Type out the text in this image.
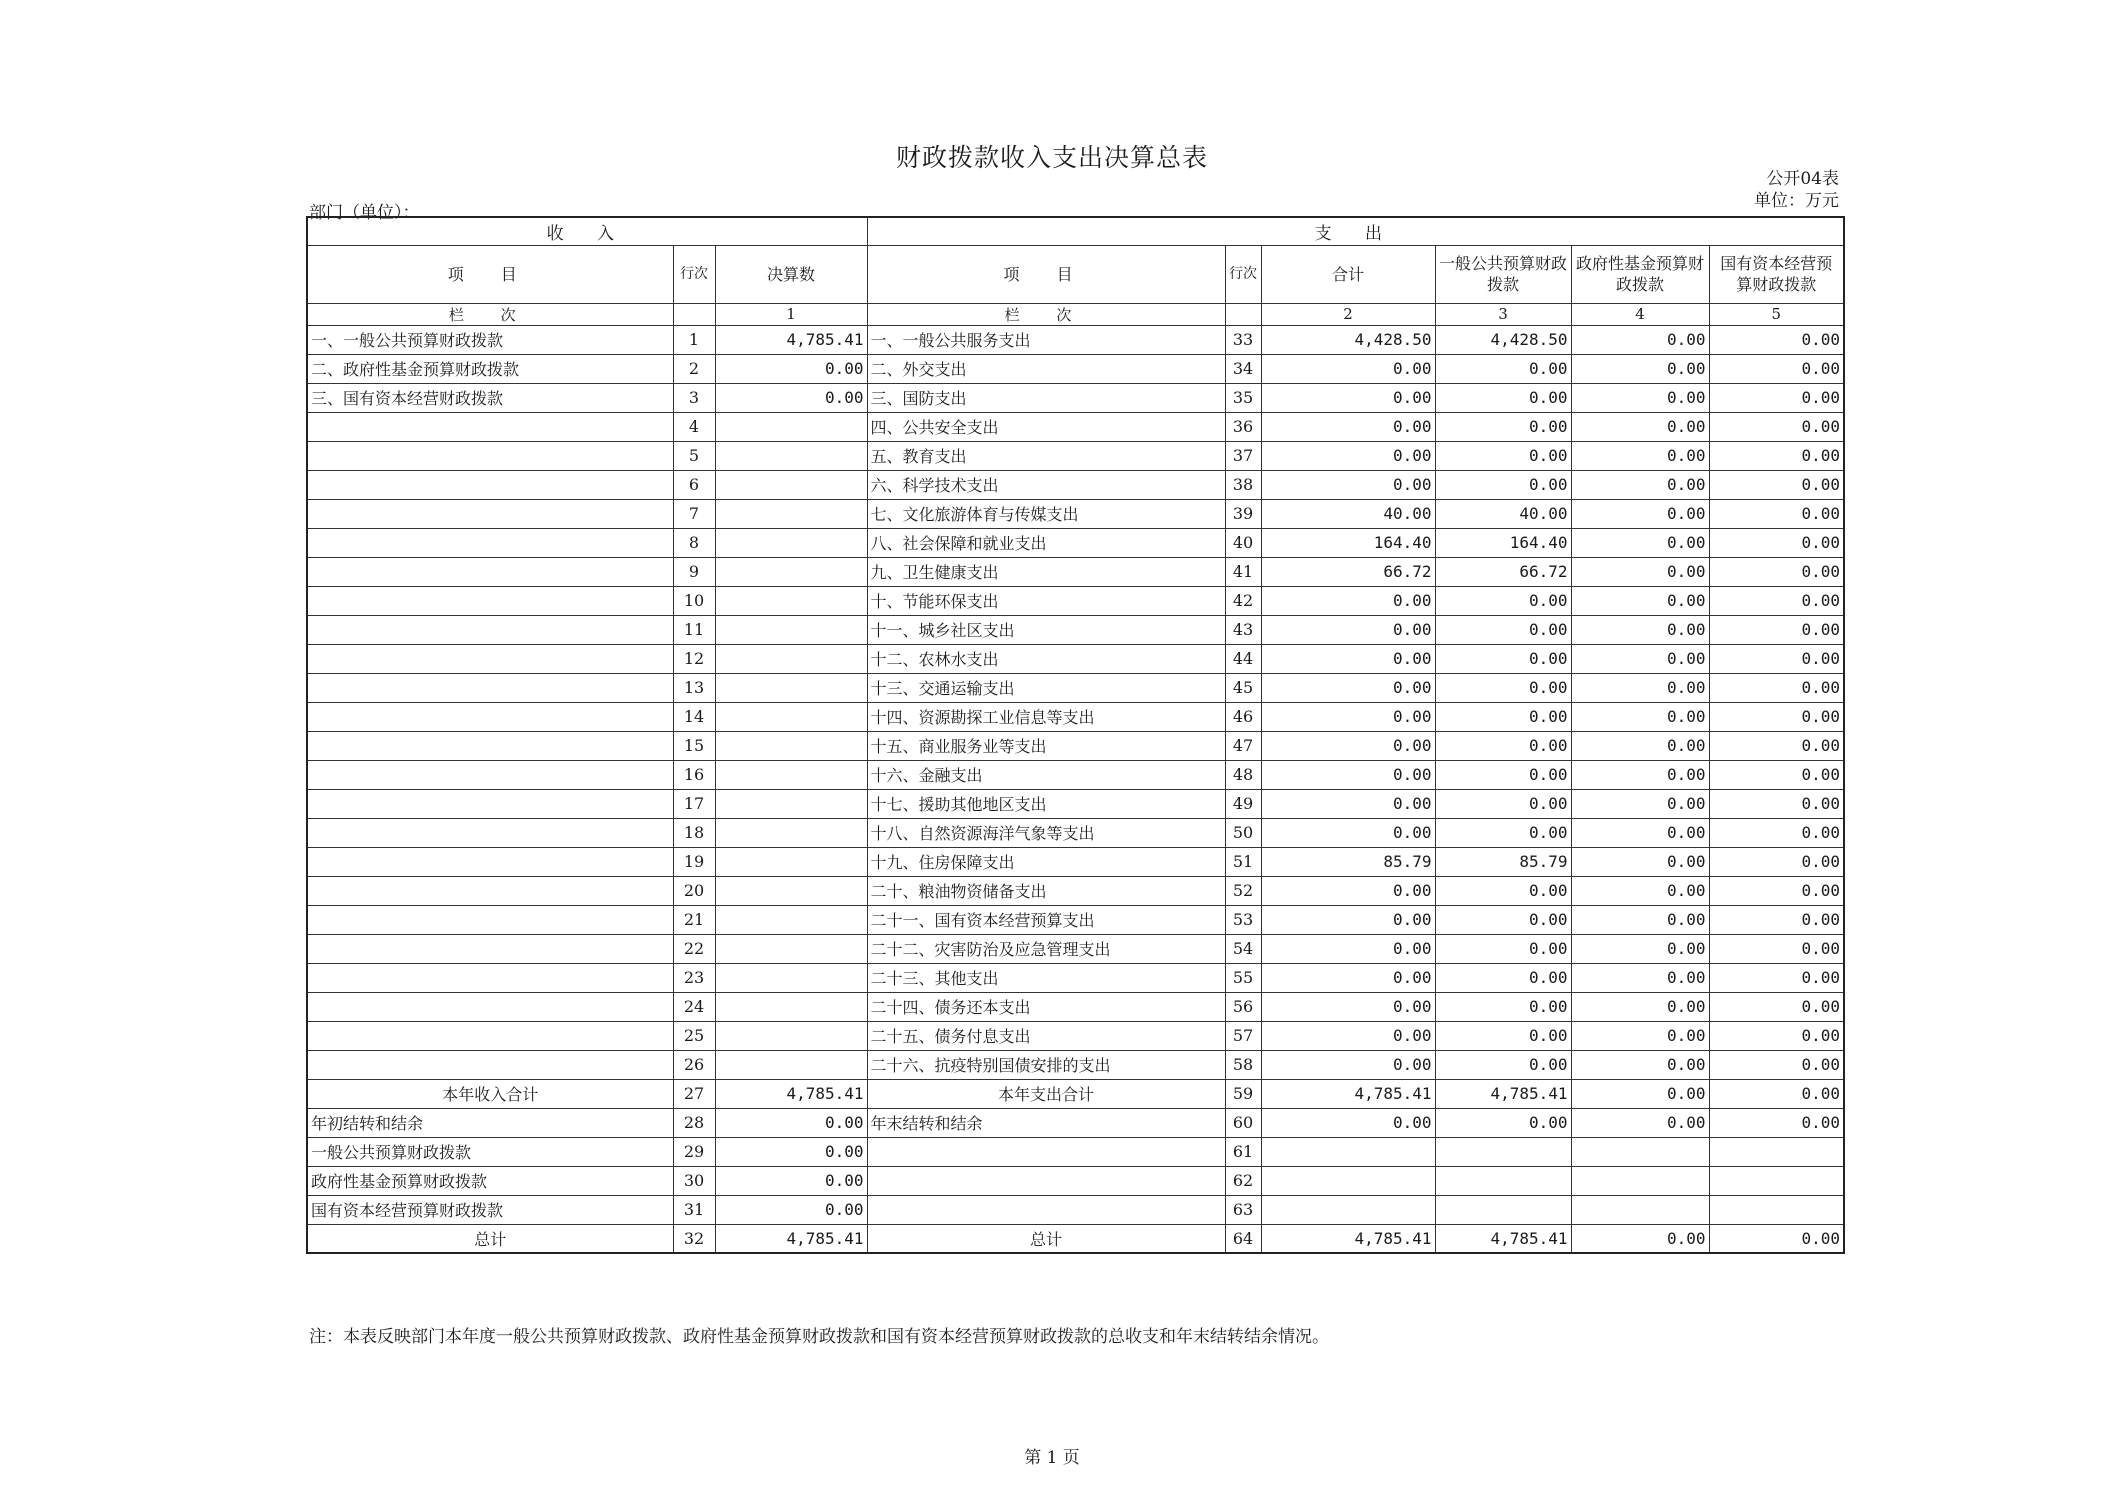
财政拨款收入支出决算总表
公开04表
单位：万元
部门（单位）：
收 入			支 出					
项 目	行次	决算数	项 目	行次	合计	一般公共预算财政拨款	政府性基金预算财政拨款	国有资本经营预算财政拨款
栏 次		1	栏 次		2	3	4	5
一、一般公共预算财政拨款	1	4,785.41	一、一般公共服务支出	33	4,428.50	4,428.50	0.00	0.00
二、政府性基金预算财政拨款	2	0.00	二、外交支出	34	0.00	0.00	0.00	0.00
三、国有资本经营财政拨款	3	0.00	三、国防支出	35	0.00	0.00	0.00	0.00
	4		四、公共安全支出	36	0.00	0.00	0.00	0.00
	5		五、教育支出	37	0.00	0.00	0.00	0.00
	6		六、科学技术支出	38	0.00	0.00	0.00	0.00
	7		七、文化旅游体育与传媒支出	39	40.00	40.00	0.00	0.00
	8		八、社会保障和就业支出	40	164.40	164.40	0.00	0.00
	9		九、卫生健康支出	41	66.72	66.72	0.00	0.00
	10		十、节能环保支出	42	0.00	0.00	0.00	0.00
	11		十一、城乡社区支出	43	0.00	0.00	0.00	0.00
	12		十二、农林水支出	44	0.00	0.00	0.00	0.00
	13		十三、交通运输支出	45	0.00	0.00	0.00	0.00
	14		十四、资源勘探工业信息等支出	46	0.00	0.00	0.00	0.00
	15		十五、商业服务业等支出	47	0.00	0.00	0.00	0.00
	16		十六、金融支出	48	0.00	0.00	0.00	0.00
	17		十七、援助其他地区支出	49	0.00	0.00	0.00	0.00
	18		十八、自然资源海洋气象等支出	50	0.00	0.00	0.00	0.00
	19		十九、住房保障支出	51	85.79	85.79	0.00	0.00
	20		二十、粮油物资储备支出	52	0.00	0.00	0.00	0.00
	21		二十一、国有资本经营预算支出	53	0.00	0.00	0.00	0.00
	22		二十二、灾害防治及应急管理支出	54	0.00	0.00	0.00	0.00
	23		二十三、其他支出	55	0.00	0.00	0.00	0.00
	24		二十四、债务还本支出	56	0.00	0.00	0.00	0.00
	25		二十五、债务付息支出	57	0.00	0.00	0.00	0.00
	26		二十六、抗疫特别国债安排的支出	58	0.00	0.00	0.00	0.00
本年收入合计	27	4,785.41	本年支出合计	59	4,785.41	4,785.41	0.00	0.00
年初结转和结余	28	0.00	年末结转和结余	60	0.00	0.00	0.00	0.00
一般公共预算财政拨款	29	0.00		61				
政府性基金预算财政拨款	30	0.00		62				
国有资本经营预算财政拨款	31	0.00		63				
总计	32	4,785.41	总计	64	4,785.41	4,785.41	0.00	0.00
注：本表反映部门本年度一般公共预算财政拨款、政府性基金预算财政拨款和国有资本经营预算财政拨款的总收支和年末结转结余情况。
第 1 页
